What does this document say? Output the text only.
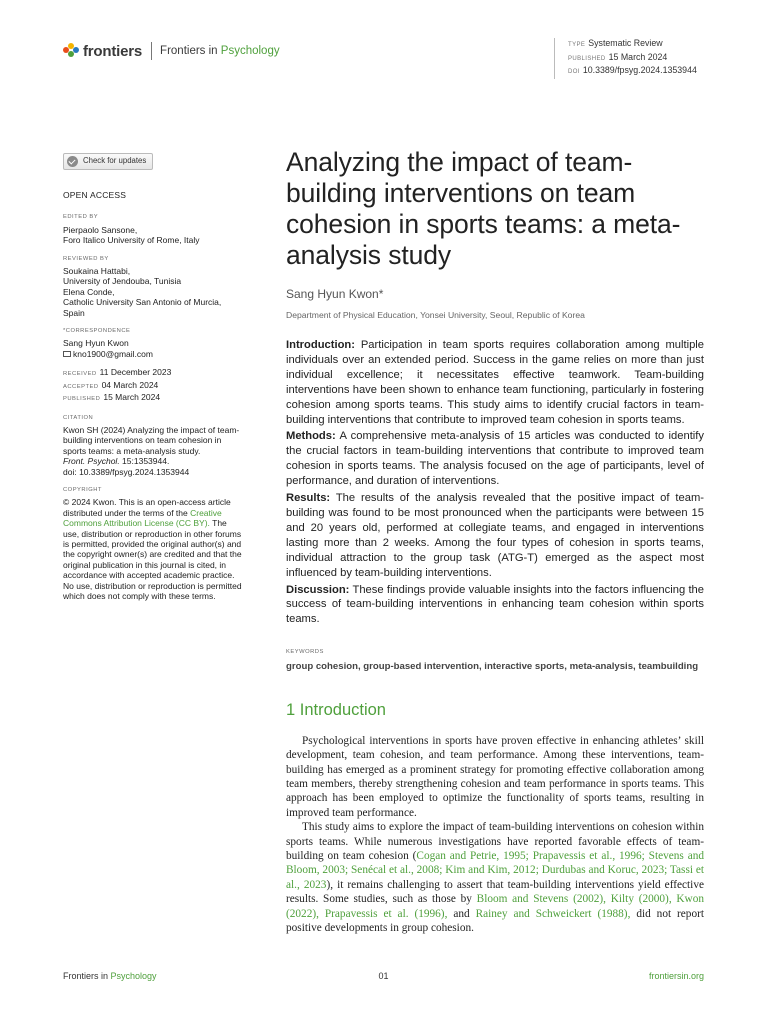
frontiers Frontiers in Psychology	TYPE Systematic Review
PUBLISHED 15 March 2024
DOI 10.3389/fpsyg.2024.1353944
Check for updates
OPEN ACCESS
EDITED BY
Pierpaolo Sansone,
Foro Italico University of Rome, Italy
REVIEWED BY
Soukaina Hattabi,
University of Jendouba, Tunisia
Elena Conde,
Catholic University San Antonio of Murcia, Spain
*CORRESPONDENCE
Sang Hyun Kwon
kno1900@gmail.com
RECEIVED 11 December 2023
ACCEPTED 04 March 2024
PUBLISHED 15 March 2024
CITATION
Kwon SH (2024) Analyzing the impact of team-building interventions on team cohesion in sports teams: a meta-analysis study.
Front. Psychol. 15:1353944.
doi: 10.3389/fpsyg.2024.1353944
COPYRIGHT
© 2024 Kwon. This is an open-access article distributed under the terms of the Creative Commons Attribution License (CC BY). The use, distribution or reproduction in other forums is permitted, provided the original author(s) and the copyright owner(s) are credited and that the original publication in this journal is cited, in accordance with accepted academic practice. No use, distribution or reproduction is permitted which does not comply with these terms.
Analyzing the impact of team-building interventions on team cohesion in sports teams: a meta-analysis study
Sang Hyun Kwon*
Department of Physical Education, Yonsei University, Seoul, Republic of Korea

Introduction: Participation in team sports requires collaboration among multiple individuals over an extended period. Success in the game relies on more than just individual excellence; it necessitates effective teamwork. Team-building interventions have been shown to enhance team functioning, particularly in fostering cohesion among sports teams. This study aims to identify crucial factors in team-building interventions that contribute to improved team cohesion in sports teams.

Methods: A comprehensive meta-analysis of 15 articles was conducted to identify the crucial factors in team-building interventions that contribute to improved team cohesion in sports teams. The analysis focused on the age of participants, level of performance, and duration of interventions.

Results: The results of the analysis revealed that the positive impact of team-building was found to be most pronounced when the participants were between 15 and 20 years old, performed at collegiate teams, and engaged in interventions lasting more than 2 weeks. Among the four types of cohesion in sports teams, individual attraction to the group task (ATG-T) emerged as the aspect most influenced by team-building interventions.

Discussion: These findings provide valuable insights into the factors influencing the success of team-building interventions in enhancing team cohesion within sports teams.

KEYWORDS
group cohesion, group-based intervention, interactive sports, meta-analysis, teambuilding
1 Introduction

Psychological interventions in sports have proven effective in enhancing athletes’ skill development, team cohesion, and team performance. Among these interventions, team-building has emerged as a prominent strategy for promoting effective collaboration among team members, thereby strengthening cohesion and team performance in sports teams. This approach has been employed to optimize the functionality of sports teams, resulting in improved team performance.

This study aims to explore the impact of team-building interventions on cohesion within sports teams. While numerous investigations have reported favorable effects of team-building on team cohesion (Cogan and Petrie, 1995; Prapavessis et al., 1996; Stevens and Bloom, 2003; Senécal et al., 2008; Kim and Kim, 2012; Durdubas and Koruc, 2023; Tassi et al., 2023), it remains challenging to assert that team-building interventions yield effective results. Some studies, such as those by Bloom and Stevens (2002), Kilty (2000), Kwon (2022), Prapavessis et al. (1996), and Rainey and Schweickert (1988), did not report positive developments in group cohesion.

Frontiers in Psychology	01	frontiersin.org
